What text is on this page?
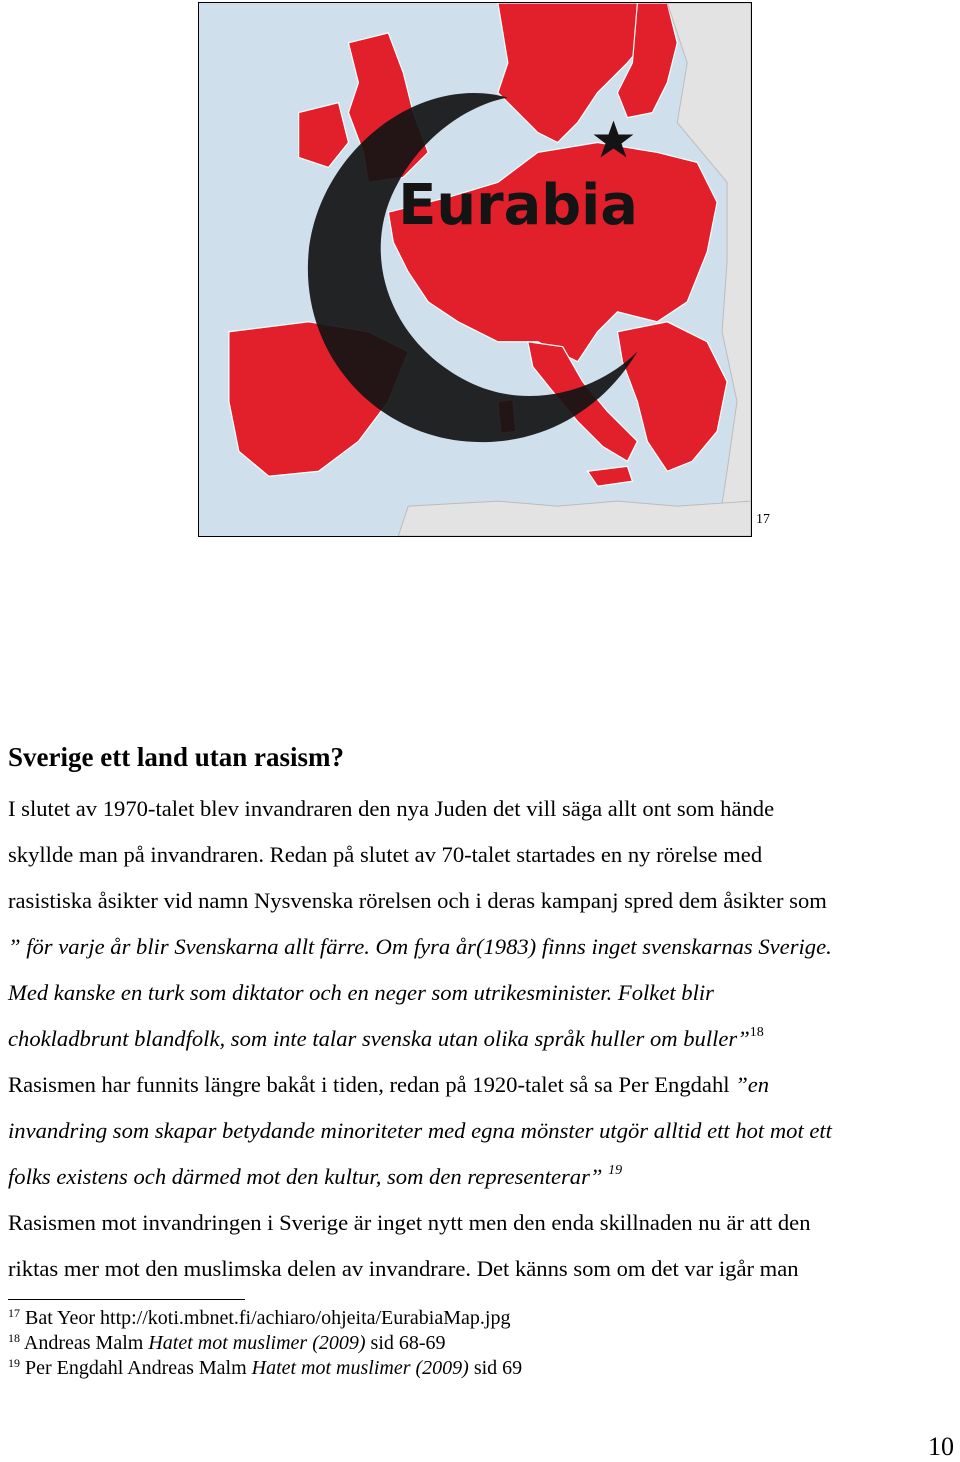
Eurabia
17
Sverige ett land utan rasism?
I slutet av 1970-talet blev invandraren den nya Juden det vill säga allt ont som hände
skyllde man på invandraren. Redan på slutet av 70-talet startades en ny rörelse med
rasistiska åsikter vid namn Nysvenska rörelsen och i deras kampanj spred dem åsikter som
” för varje år blir Svenskarna allt färre. Om fyra år(1983) finns inget svenskarnas Sverige.
Med kanske en turk som diktator och en neger som utrikesminister. Folket blir
chokladbrunt blandfolk, som inte talar svenska utan olika språk huller om buller”$^{18}$
Rasismen har funnits längre bakåt i tiden, redan på 1920-talet så sa Per Engdahl ”en
invandring som skapar betydande minoriteter med egna mönster utgör alltid ett hot mot ett
folks existens och därmed mot den kultur, som den representerar” $^{19}$
Rasismen mot invandringen i Sverige är inget nytt men den enda skillnaden nu är att den
riktas mer mot den muslimska delen av invandrare. Det känns som om det var igår man
$^{17}$ Bat Yeor http://koti.mbnet.fi/achiaro/ohjeita/EurabiaMap.jpg
$^{18}$ Andreas Malm Hatet mot muslimer (2009) sid 68-69
$^{19}$ Per Engdahl Andreas Malm Hatet mot muslimer (2009) sid 69
10
